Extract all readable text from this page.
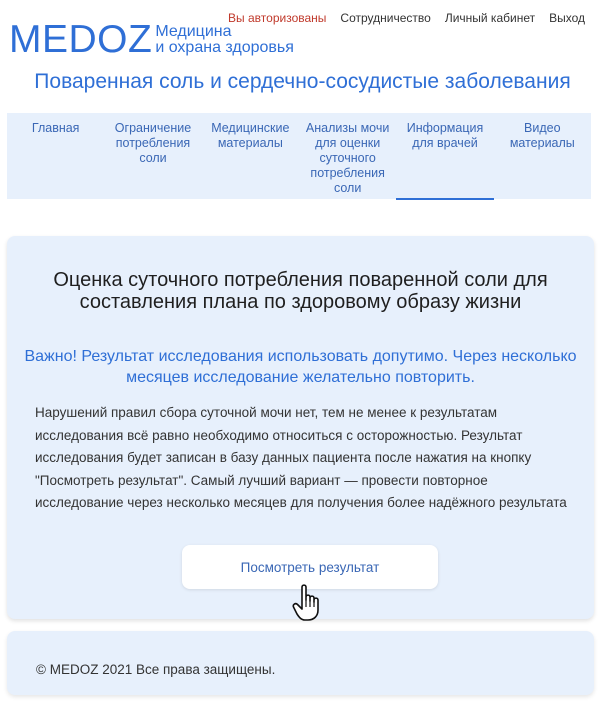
Вы авторизованы Сотрудничество Личный кабинет Выход
MEDOZ Медицина
и охрана здоровья
Поваренная соль и сердечно-сосудистые заболевания
Главная	Ограничение потребления соли
Медицинские материалы
Анализы мочи для оценки суточного потребления соли
Информация для врачей
Видео материалы
Оценка суточного потребления поваренной соли для составления плана по здоровому образу жизни
Важно! Результат исследования использовать допутимо. Через несколько месяцев исследование желательно повторить.
Нарушений правил сбора суточной мочи нет, тем не менее к результатам исследования всё равно необходимо относиться с осторожностью. Результат исследования будет записан в базу данных пациента после нажатия на кнопку "Посмотреть результат". Самый лучший вариант — провести повторное исследование через несколько месяцев для получения более надёжного результата
Посмотреть результат
© MEDOZ 2021 Все права защищены.
